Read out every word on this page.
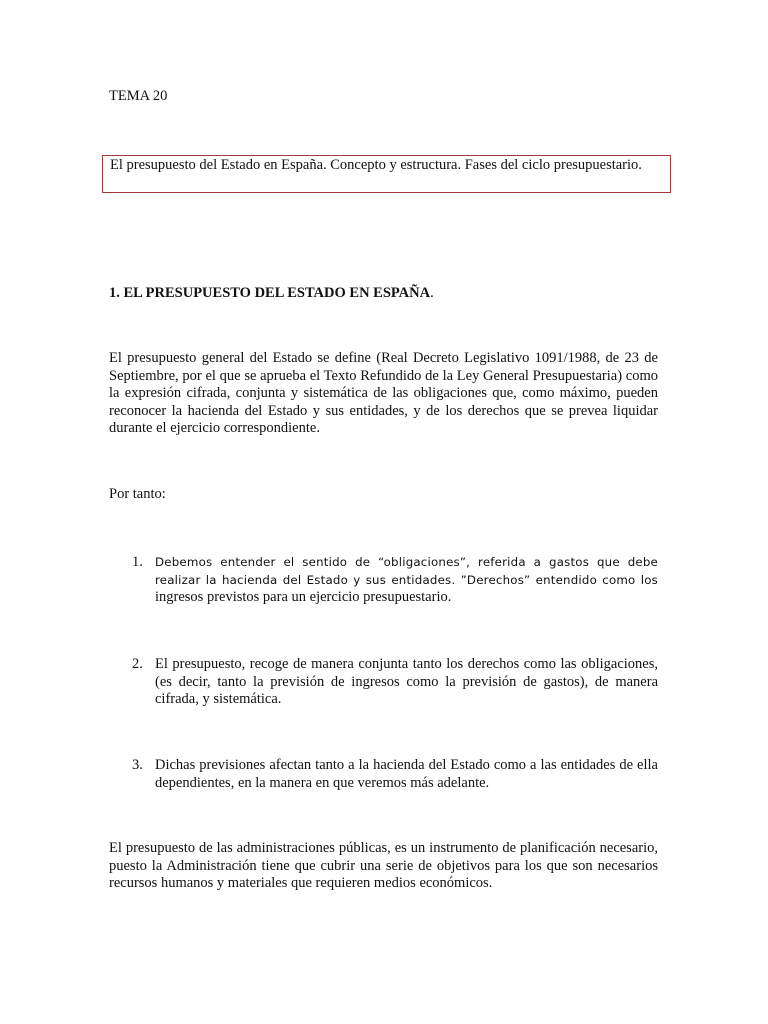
TEMA 20
El presupuesto del Estado en España. Concepto y estructura. Fases del ciclo presupuestario.
1. EL PRESUPUESTO DEL ESTADO EN ESPAÑA.
El presupuesto general del Estado se define (Real Decreto Legislativo 1091/1988, de 23 de Septiembre, por el que se aprueba el Texto Refundido de la Ley General Presupuestaria) como la expresión cifrada, conjunta y sistemática de las obligaciones que, como máximo, pueden reconocer la hacienda del Estado y sus entidades, y de los derechos que se prevea liquidar durante el ejercicio correspondiente.
Por tanto:
1. Debemos entender el sentido de “obligaciones”, referida a gastos que debe realizar la hacienda del Estado y sus entidades. ”Derechos” entendido como los
ingresos previstos para un ejercicio presupuestario.
2. El presupuesto, recoge de manera conjunta tanto los derechos como las obligaciones, (es decir, tanto la previsión de ingresos como la previsión de gastos), de manera cifrada, y sistemática.
3. Dichas previsiones afectan tanto a la hacienda del Estado como a las entidades de ella dependientes, en la manera en que veremos más adelante.
El presupuesto de las administraciones públicas, es un instrumento de planificación necesario, puesto la Administración tiene que cubrir una serie de objetivos para los que son necesarios recursos humanos y materiales que requieren medios económicos.
